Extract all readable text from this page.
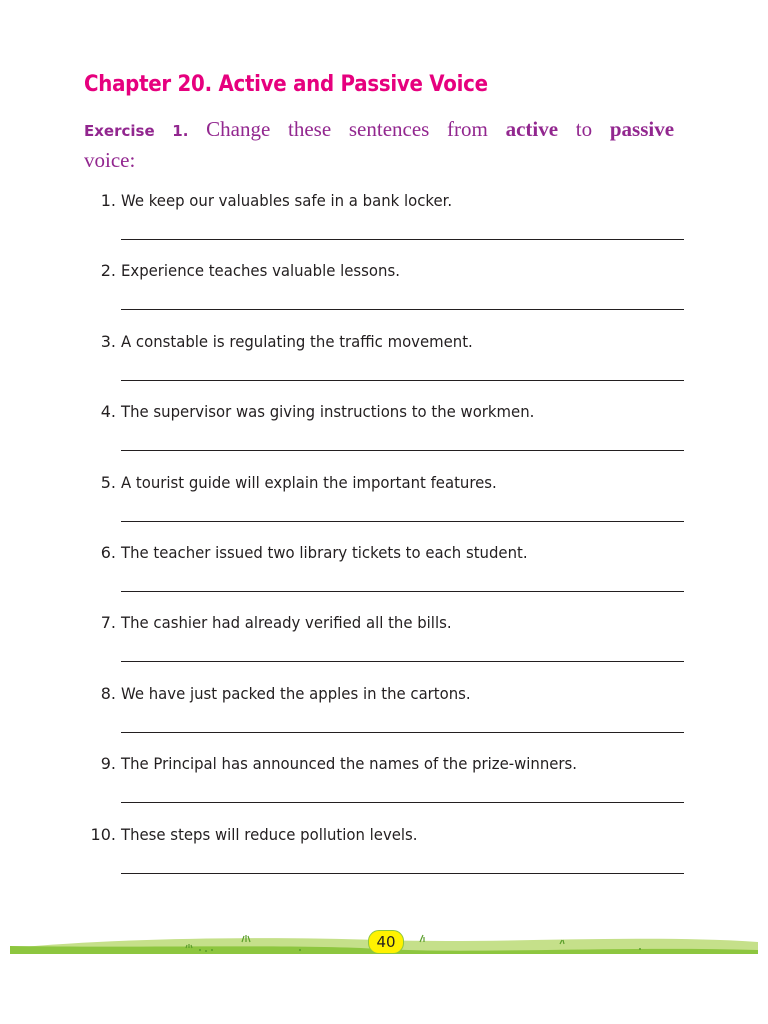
Chapter 20. Active and Passive Voice

Exercise 1. Change these sentences from active to passive
voice:

1. We keep our valuables safe in a bank locker.
2. Experience teaches valuable lessons.
3. A constable is regulating the traffic movement.
4. The supervisor was giving instructions to the workmen.
5. A tourist guide will explain the important features.
6. The teacher issued two library tickets to each student.
7. The cashier had already verified all the bills.
8. We have just packed the apples in the cartons.
9. The Principal has announced the names of the prize-winners.
10. These steps will reduce pollution levels.
40
